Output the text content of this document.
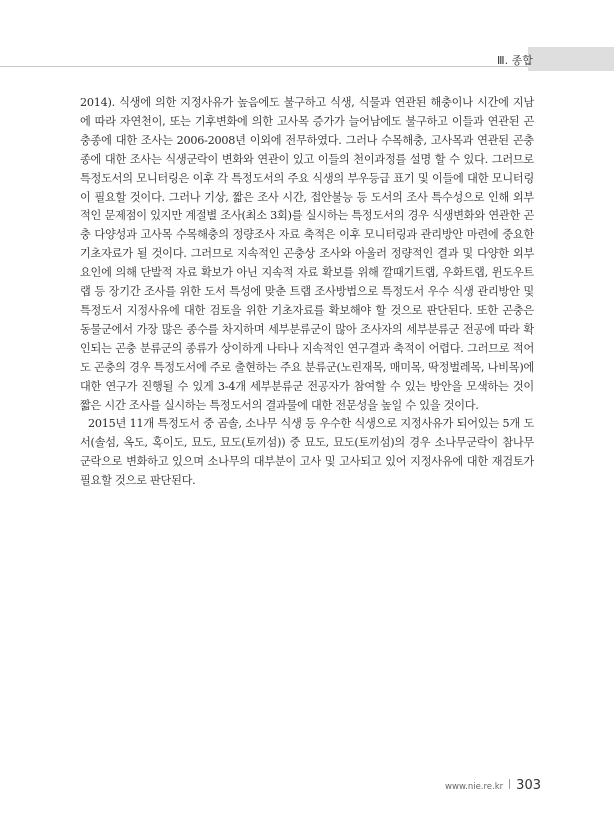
Ⅲ. 종합

2014). 식생에 의한 지정사유가 높음에도 불구하고 식생, 식물과 연관된 해충이나 시간에 지남에 따라 자연천이, 또는 기후변화에 의한 고사목 증가가 늘어남에도 불구하고 이들과 연관된 곤충종에 대한 조사는 2006-2008년 이외에 전무하였다. 그러나 수목해충, 고사목과 연관된 곤충종에 대한 조사는 식생군락이 변화와 연관이 있고 이들의 천이과정를 설명 할 수 있다. 그러므로 특정도서의 모니터링은 이후 각 특정도서의 주요 식생의 부우등급 표기 및 이들에 대한 모니터링이 필요할 것이다. 그러나 기상, 짧은 조사 시간, 접안불능 등 도서의 조사 특수성으로 인해 외부적인 문제점이 있지만 계절별 조사(최소 3회)를 실시하는 특정도서의 경우 식생변화와 연관한 곤충 다양성과 고사목 수목해충의 정량조사 자료 축적은 이후 모니터링과 관리방안 마련에 중요한 기초자료가 될 것이다. 그러므로 지속적인 곤충상 조사와 아울러 정량적인 결과 및 다양한 외부요인에 의해 단발적 자료 확보가 아닌 지속적 자료 확보를 위해 깔때기트랩, 우화트랩, 윈도우트랩 등 장기간 조사를 위한 도서 특성에 맞춘 트랩 조사방법으로 특정도서 우수 식생 관리방안 및 특정도서 지정사유에 대한 검토을 위한 기초자료를 확보해야 할 것으로 판단된다. 또한 곤충은 동물군에서 가장 많은 종수를 차지하며 세부분류군이 많아 조사자의 세부분류군 전공에 따라 확인되는 곤충 분류군의 종류가 상이하게 나타나 지속적인 연구결과 축적이 어렵다. 그러므로 적어도 곤충의 경우 특정도서에 주로 출현하는 주요 분류군(노린재목, 매미목, 딱정벌레목, 나비목)에 대한 연구가 진행될 수 있게 3-4개 세부분류군 전공자가 참여할 수 있는 방안을 모색하는 것이 짧은 시간 조사를 실시하는 특정도서의 결과물에 대한 전문성을 높일 수 있을 것이다.

2015년 11개 특정도서 중 곰솔, 소나무 식생 등 우수한 식생으로 지정사유가 되어있는 5개 도서(솔섬, 옥도, 혹이도, 묘도, 묘도(토끼섬)) 중 묘도, 묘도(토끼섬)의 경우 소나무군락이 참나무군락으로 변화하고 있으며 소나무의 대부분이 고사 및 고사되고 있어 지정사유에 대한 재검토가 필요할 것으로 판단된다.

www.nie.re.kr 303
